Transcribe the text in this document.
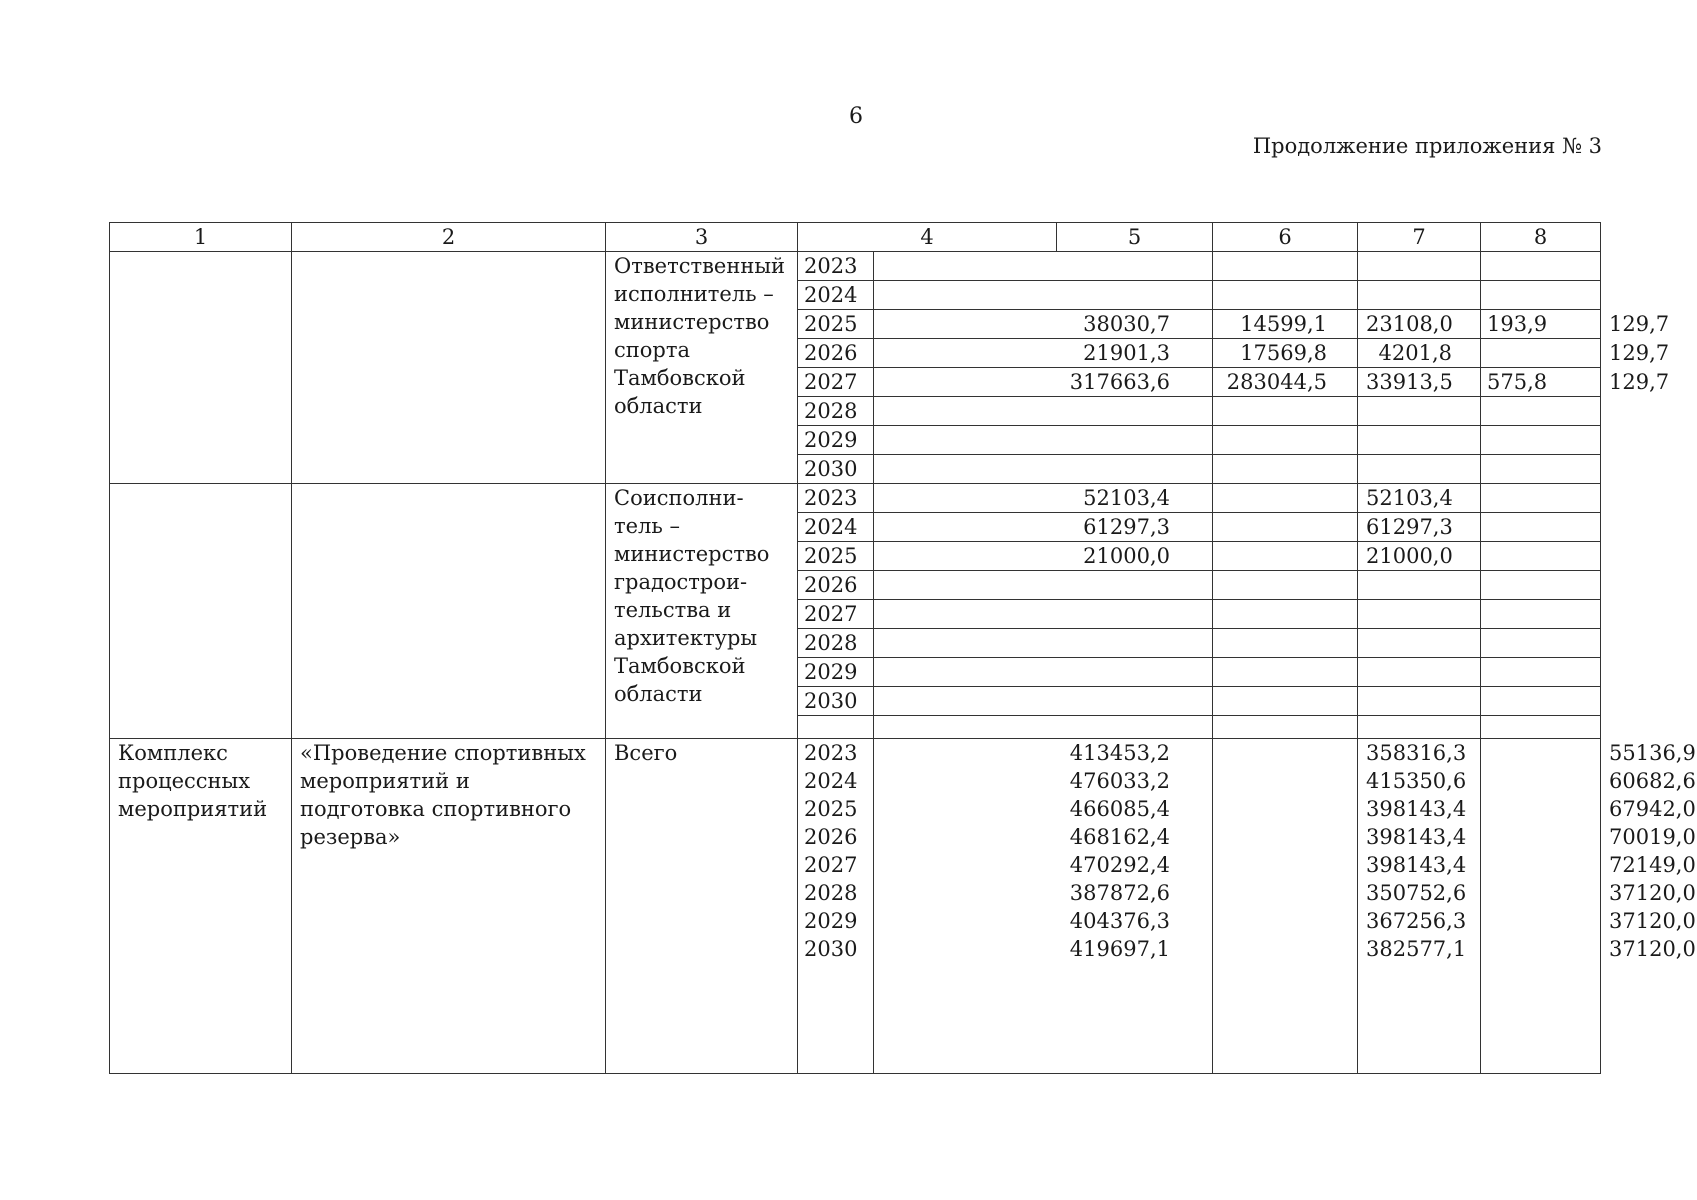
6
Продолжение приложения № 3
1	2	3	4		5	6	7	8	
		Ответственный исполнитель – министерство спорта Тамбовской области	2023						
			2024						
			2025	38030,7		14599,1	23108,0	193,9	129,7
			2026	21901,3		17569,8	4201,8		129,7
			2027	317663,6		283044,5	33913,5	575,8	129,7
			2028						
			2029						
			2030						
		Соисполни-тель – министерство градострои-тельства и архитектуры Тамбовской области	2023	52103,4			52103,4		
			2024	61297,3			61297,3		
			2025	21000,0			21000,0		
			2026						
			2027						
			2028						
			2029						
			2030						

Комплекс процессных мероприятий	«Проведение спортивных мероприятий и подготовка спортивного резерва»	Всего	2023	413453,2			358316,3		55136,9
			2024	476033,2			415350,6		60682,6
			2025	466085,4			398143,4		67942,0
			2026	468162,4			398143,4		70019,0
			2027	470292,4			398143,4		72149,0
			2028	387872,6			350752,6		37120,0
			2029	404376,3			367256,3		37120,0
			2030	419697,1			382577,1		37120,0
